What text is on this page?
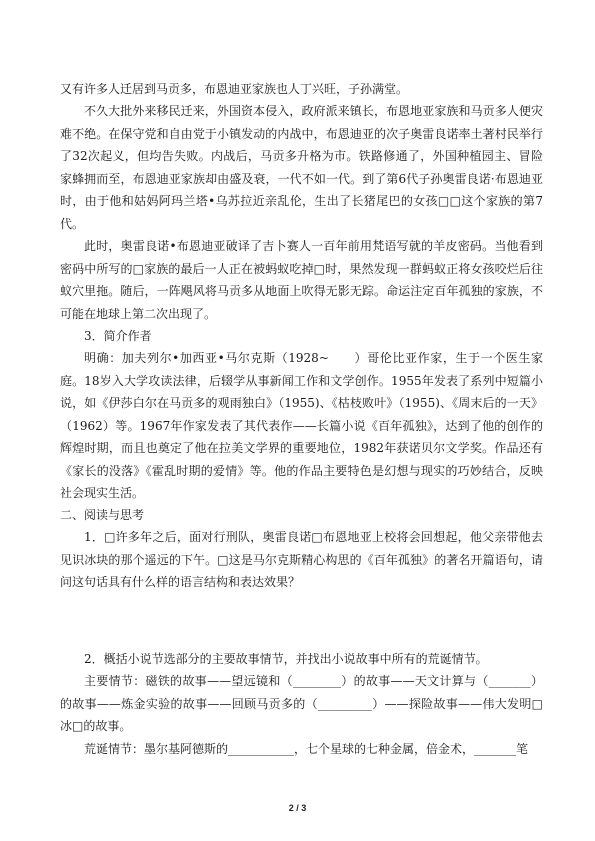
又有许多人迁居到马贡多，布恩迪亚家族也人丁兴旺，子孙满堂。

不久大批外来移民迁来，外国资本侵入，政府派来镇长，布恩地亚家族和马贡多人便灾难不绝。在保守党和自由党于小镇发动的内战中，布恩迪亚的次子奥雷良诺率土著村民举行了32次起义，但均告失败。内战后，马贡多升格为市。铁路修通了，外国种植园主、冒险家蜂拥而至，布恩迪亚家族却由盛及衰，一代不如一代。到了第6代子孙奥雷良诺·布恩迪亚时，由于他和姑妈阿玛兰塔•乌苏拉近亲乱伦，生出了长猪尾巴的女孩□□这个家族的第7代。

此时，奥雷良诺•布恩迪亚破译了吉卜赛人一百年前用梵语写就的羊皮密码。当他看到密码中所写的□家族的最后一人正在被蚂蚁吃掉□时，果然发现一群蚂蚁正将女孩咬烂后往蚁穴里拖。随后，一阵飓风将马贡多从地面上吹得无影无踪。命运注定百年孤独的家族，不可能在地球上第二次出现了。

3．简介作者

明确：加夫列尔•加西亚•马尔克斯（1928~　　）哥伦比亚作家，生于一个医生家庭。18岁入大学攻读法律，后辍学从事新闻工作和文学创作。1955年发表了系列中短篇小说，如《伊莎白尔在马贡多的观雨独白》（1955)、《枯枝败叶》（1955)、《周末后的一天》（1962）等。1967年作家发表了其代表作——长篇小说《百年孤独》，达到了他的创作的辉煌时期，而且也奠定了他在拉美文学界的重要地位，1982年获诺贝尔文学奖。作品还有《家长的没落》《霍乱时期的爱情》等。他的作品主要特色是幻想与现实的巧妙结合，反映社会现实生活。

二、阅读与思考

1．□许多年之后，面对行刑队，奥雷良诺□布恩地亚上校将会回想起，他父亲带他去见识冰块的那个遥远的下午。□这是马尔克斯精心构思的《百年孤独》的著名开篇语句，请问这句话具有什么样的语言结构和表达效果？

2．概括小说节选部分的主要故事情节，并找出小说故事中所有的荒诞情节。

主要情节：磁铁的故事——望远镜和（________）的故事——天文计算与（_______）的故事——炼金实验的故事——回顾马贡多的（_________）——探险故事——伟大发明□冰□的故事。

荒诞情节：墨尔基阿德斯的___________，七个星球的七种金属，倍金术，_______笔

2 / 3
